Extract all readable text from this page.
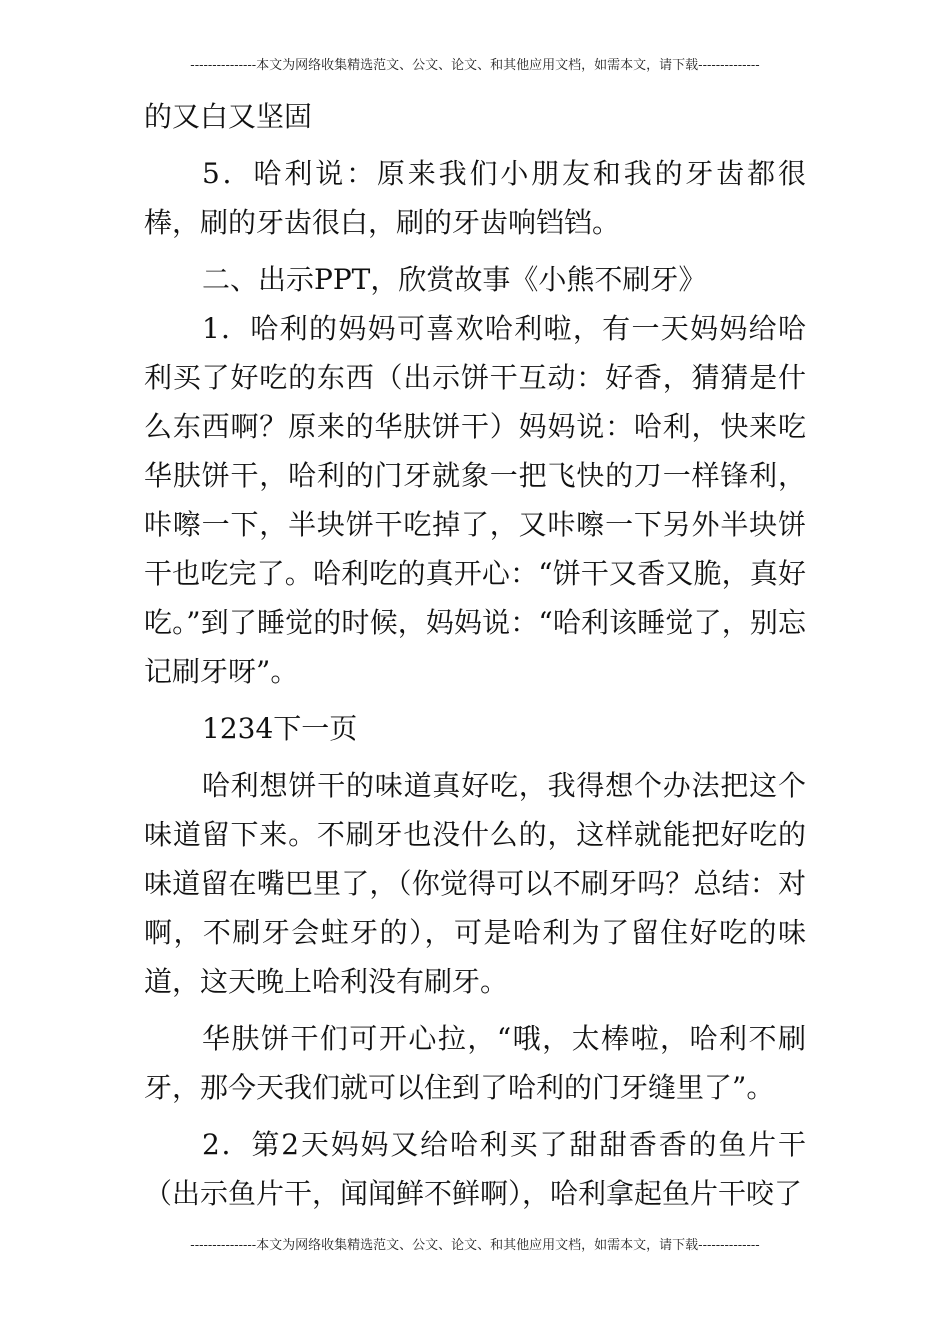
---------------本文为网络收集精选范文、公文、论文、和其他应用文档，如需本文，请下载--------------

的又白又坚固

5．哈利说：原来我们小朋友和我的牙齿都很棒，刷的牙齿很白，刷的牙齿响铛铛。

二、出示PPT，欣赏故事《小熊不刷牙》

1．哈利的妈妈可喜欢哈利啦，有一天妈妈给哈利买了好吃的东西（出示饼干互动：好香，猜猜是什么东西啊？原来的华肤饼干）妈妈说：哈利，快来吃华肤饼干，哈利的门牙就象一把飞快的刀一样锋利，咔嚓一下，半块饼干吃掉了，又咔嚓一下另外半块饼干也吃完了。哈利吃的真开心：“饼干又香又脆，真好吃。”到了睡觉的时候，妈妈说：“哈利该睡觉了，别忘记刷牙呀”。

1234下一页

哈利想饼干的味道真好吃，我得想个办法把这个味道留下来。不刷牙也没什么的，这样就能把好吃的味道留在嘴巴里了，（你觉得可以不刷牙吗？总结：对啊，不刷牙会蛀牙的），可是哈利为了留住好吃的味道，这天晚上哈利没有刷牙。

华肤饼干们可开心拉，“哦，太棒啦，哈利不刷牙，那今天我们就可以住到了哈利的门牙缝里了”。

2．第2天妈妈又给哈利买了甜甜香香的鱼片干（出示鱼片干，闻闻鲜不鲜啊），哈利拿起鱼片干咬了

---------------本文为网络收集精选范文、公文、论文、和其他应用文档，如需本文，请下载--------------
